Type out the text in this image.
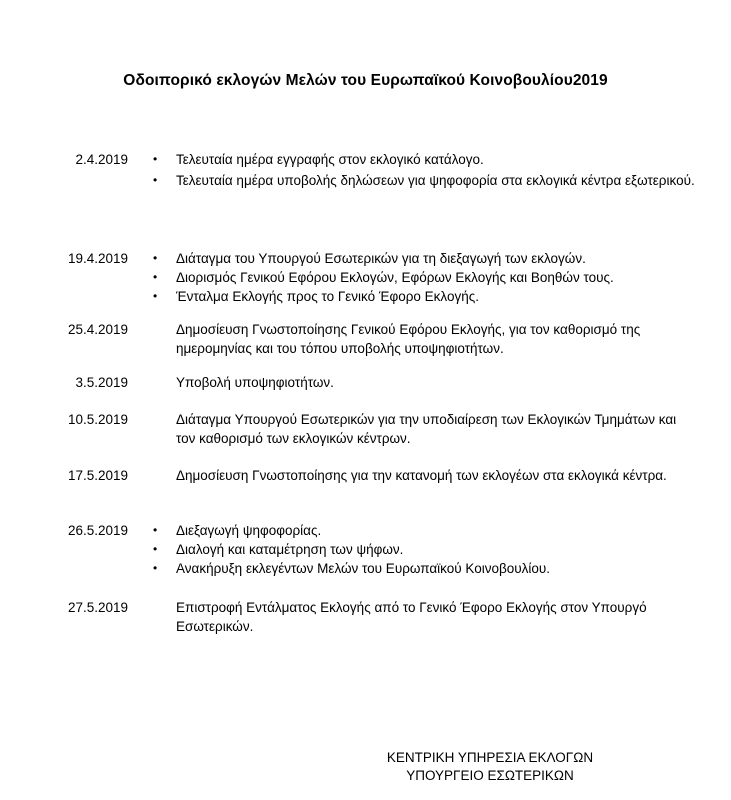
Οδοιπορικό εκλογών Μελών του Ευρωπαϊκού Κοινοβουλίου2019
2.4.2019 • Τελευταία ημέρα εγγραφής στον εκλογικό κατάλογο.
• Τελευταία ημέρα υποβολής δηλώσεων για ψηφοφορία στα εκλογικά κέντρα εξωτερικού.
19.4.2019 • Διάταγμα του Υπουργού Εσωτερικών για τη διεξαγωγή των εκλογών.
• Διορισμός Γενικού Εφόρου Εκλογών, Εφόρων Εκλογής και Βοηθών τους.
• Ένταλμα Εκλογής προς το Γενικό Έφορο Εκλογής.
25.4.2019	Δημοσίευση Γνωστοποίησης Γενικού Εφόρου Εκλογής, για τον καθορισμό της ημερομηνίας και του τόπου υποβολής υποψηφιοτήτων.

3.5.2019	Υποβολή υποψηφιοτήτων.

10.5.2019	Διάταγμα Υπουργού Εσωτερικών για την υποδιαίρεση των Εκλογικών Τμημάτων και τον καθορισμό των εκλογικών κέντρων.

17.5.2019	Δημοσίευση Γνωστοποίησης για την κατανομή των εκλογέων στα εκλογικά κέντρα.

26.5.2019 • Διεξαγωγή ψηφοφορίας.
• Διαλογή και καταμέτρηση των ψήφων.
• Ανακήρυξη εκλεγέντων Μελών του Ευρωπαϊκού Κοινοβουλίου.
27.5.2019	Επιστροφή Εντάλματος Εκλογής από το Γενικό Έφορο Εκλογής στον Υπουργό Εσωτερικών.

ΚΕΝΤΡΙΚΗ ΥΠΗΡΕΣΙΑ ΕΚΛΟΓΩΝ
ΥΠΟΥΡΓΕΙΟ ΕΣΩΤΕΡΙΚΩΝ
